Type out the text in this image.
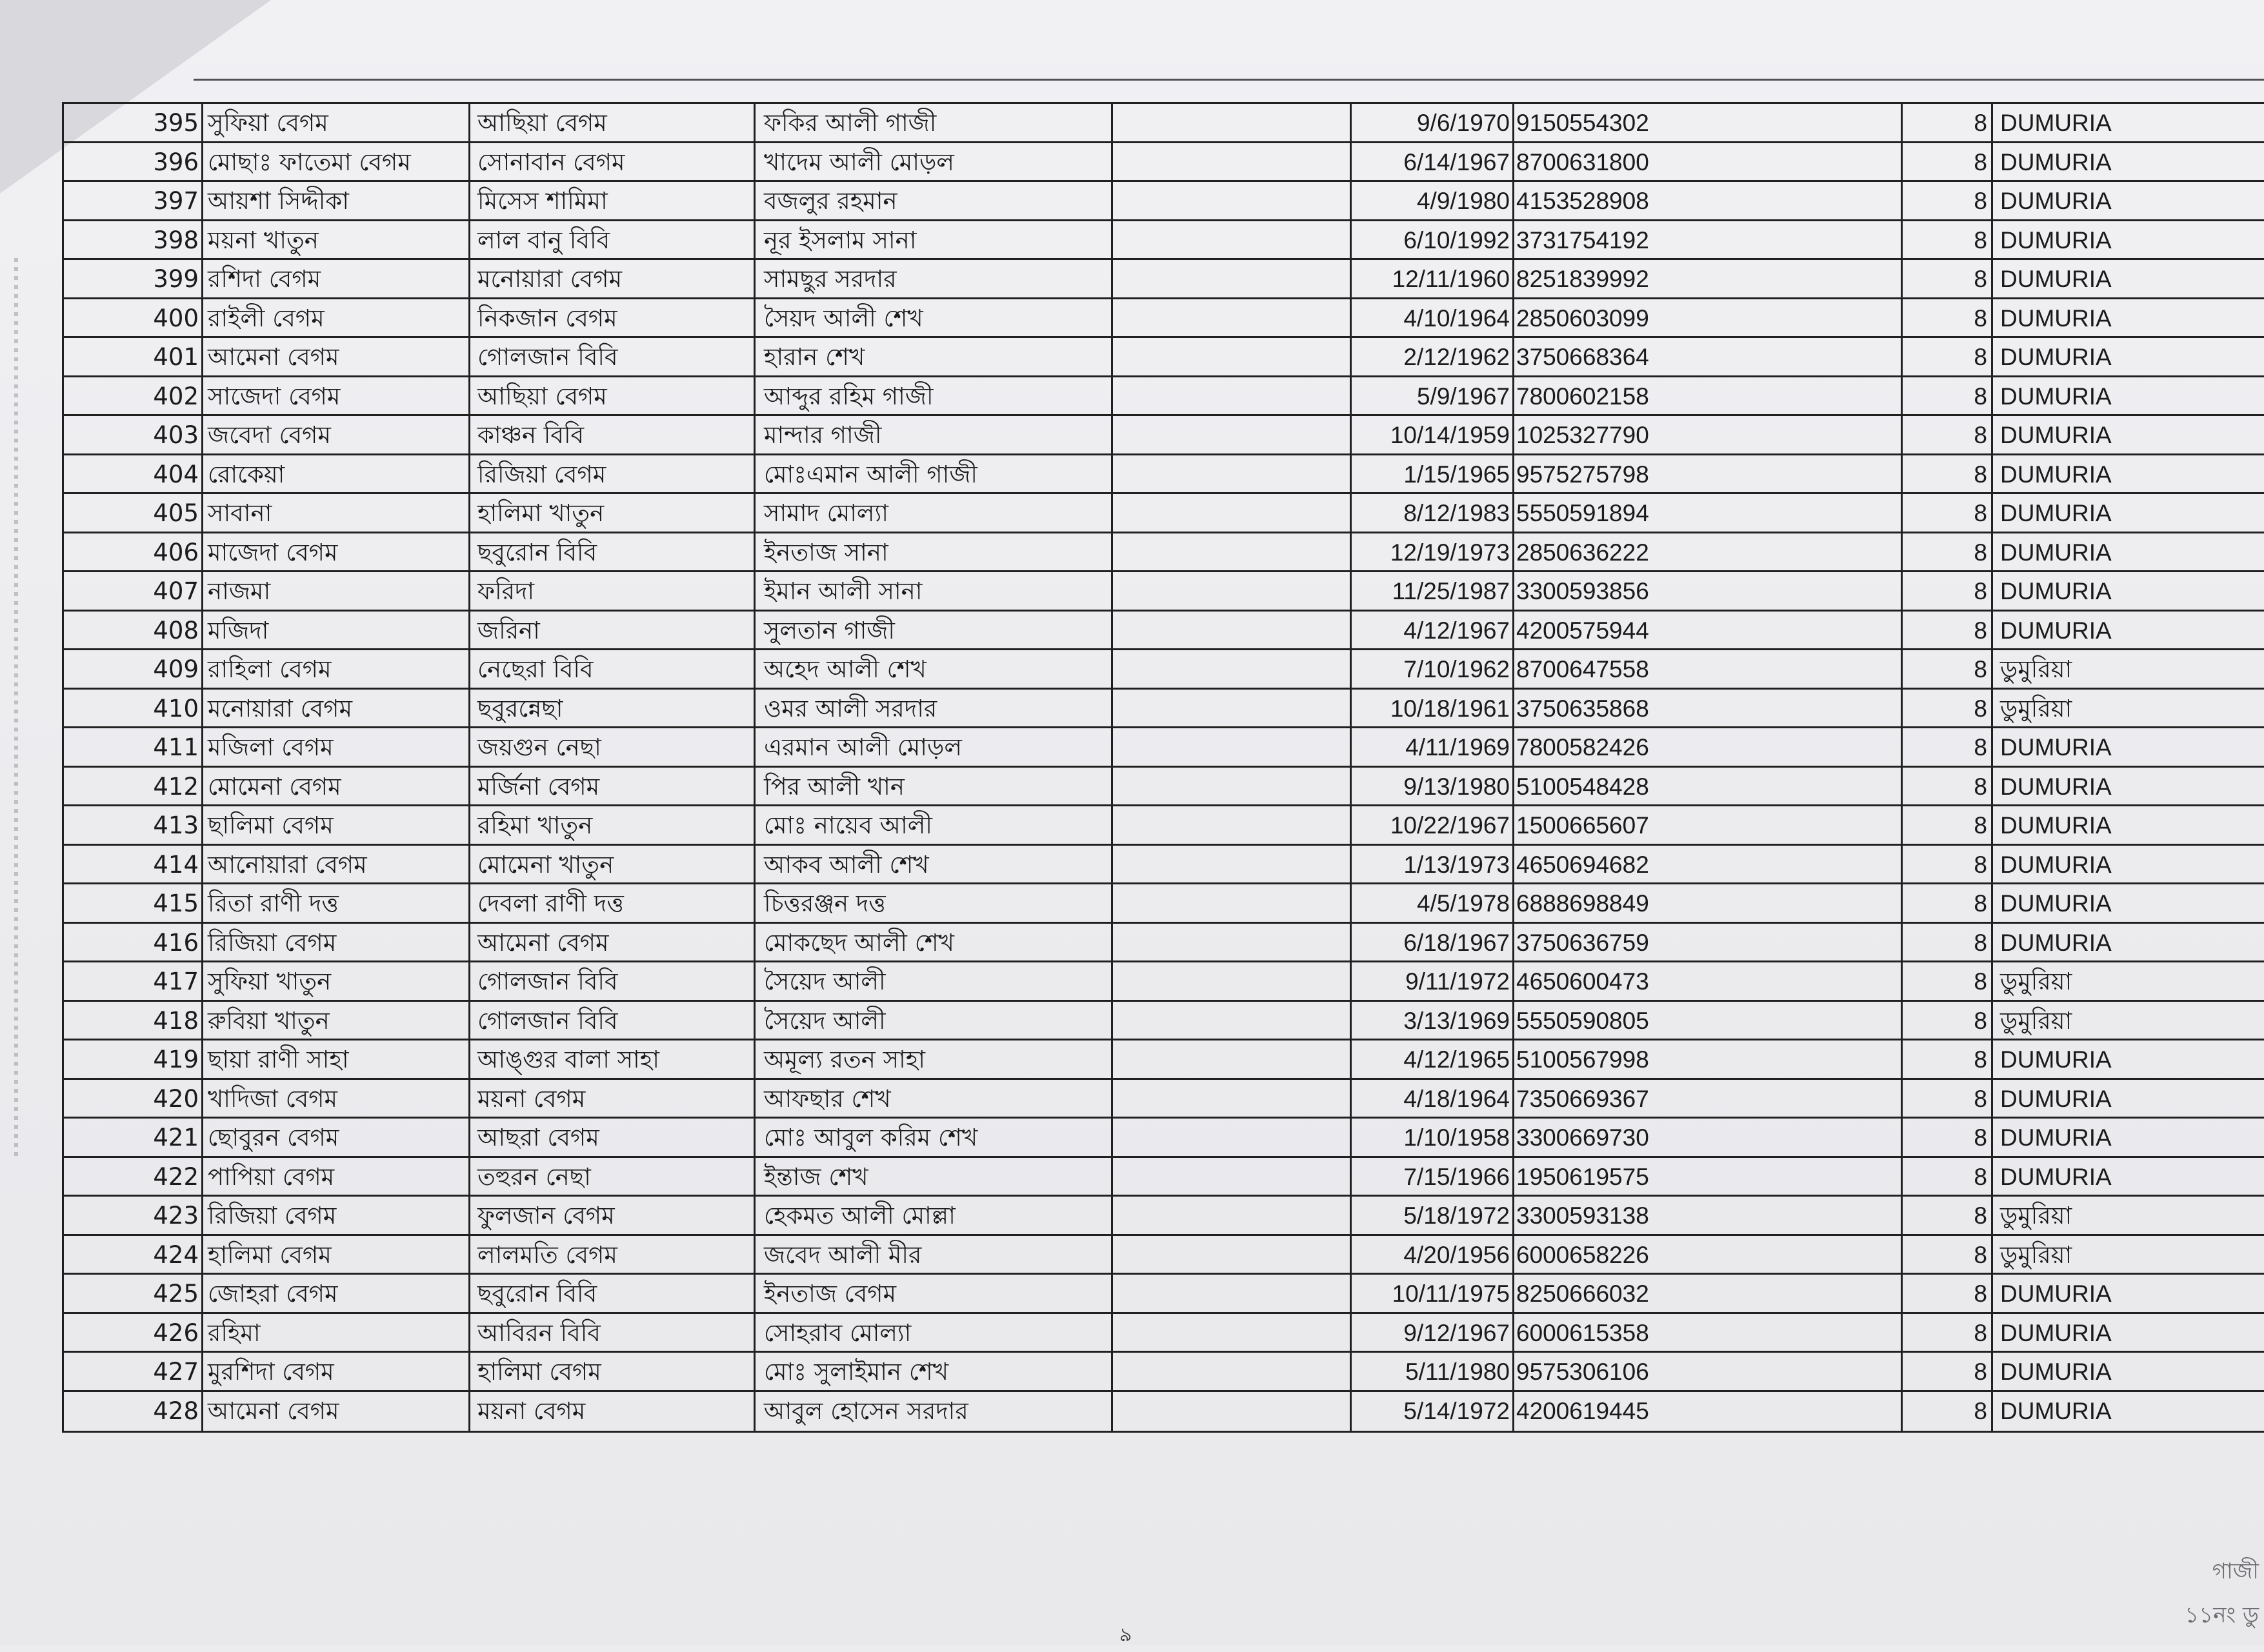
395 সুফিয়া বেগম	আছিয়া বেগম	ফকির আলী গাজী	9/6/1970 9150554302	8 DUMURIA
396 মোছাঃ ফাতেমা বেগম	সোনাবান বেগম	খাদেম আলী মোড়ল	6/14/1967 8700631800	8 DUMURIA
397 আয়শা সিদ্দীকা	মিসেস শামিমা	বজলুর রহমান	4/9/1980 4153528908	8 DUMURIA
398 ময়না খাতুন	লাল বানু বিবি	নূর ইসলাম সানা	6/10/1992 3731754192	8 DUMURIA
399 রশিদা বেগম	মনোয়ারা বেগম	সামছুর সরদার	12/11/1960 8251839992	8 DUMURIA
400 রাইলী বেগম	নিকজান বেগম	সৈয়দ আলী শেখ	4/10/1964 2850603099	8 DUMURIA
401 আমেনা বেগম	গোলজান বিবি	হারান শেখ	2/12/1962 3750668364	8 DUMURIA
402 সাজেদা বেগম	আছিয়া বেগম	আব্দুর রহিম গাজী	5/9/1967 7800602158	8 DUMURIA
403 জবেদা বেগম	কাঞ্চন বিবি	মান্দার গাজী	10/14/1959 1025327790	8 DUMURIA
404 রোকেয়া	রিজিয়া বেগম	মোঃএমান আলী গাজী	1/15/1965 9575275798	8 DUMURIA
405 সাবানা	হালিমা খাতুন	সামাদ মোল্যা	8/12/1983 5550591894	8 DUMURIA
406 মাজেদা বেগম	ছবুরোন বিবি	ইনতাজ সানা	12/19/1973 2850636222	8 DUMURIA
407 নাজমা	ফরিদা	ইমান আলী সানা	11/25/1987 3300593856	8 DUMURIA
408 মজিদা	জরিনা	সুলতান গাজী	4/12/1967 4200575944	8 DUMURIA
409 রাহিলা বেগম	নেছেরা বিবি	অহেদ আলী শেখ	7/10/1962 8700647558	8 ডুমুরিয়া
410 মনোয়ারা বেগম	ছবুরন্নেছা	ওমর আলী সরদার	10/18/1961 3750635868	8 ডুমুরিয়া
411 মজিলা বেগম	জয়গুন নেছা	এরমান আলী মোড়ল	4/11/1969 7800582426	8 DUMURIA
412 মোমেনা বেগম	মর্জিনা বেগম	পির আলী খান	9/13/1980 5100548428	8 DUMURIA
413 ছালিমা বেগম	রহিমা খাতুন	মোঃ নায়েব আলী	10/22/1967 1500665607	8 DUMURIA
414 আনোয়ারা বেগম	মোমেনা খাতুন	আকব আলী শেখ	1/13/1973 4650694682	8 DUMURIA
415 রিতা রাণী দত্ত	দেবলা রাণী দত্ত	চিত্তরঞ্জন দত্ত	4/5/1978 6888698849	8 DUMURIA
416 রিজিয়া বেগম	আমেনা বেগম	মোকছেদ আলী শেখ	6/18/1967 3750636759	8 DUMURIA
417 সুফিয়া খাতুন	গোলজান বিবি	সৈয়েদ আলী	9/11/1972 4650600473	8 ডুমুরিয়া
418 রুবিয়া খাতুন	গোলজান বিবি	সৈয়েদ আলী	3/13/1969 5550590805	8 ডুমুরিয়া
419 ছায়া রাণী সাহা	আঙ্গুর বালা সাহা	অমূল্য রতন সাহা	4/12/1965 5100567998	8 DUMURIA
420 খাদিজা বেগম	ময়না বেগম	আফছার শেখ	4/18/1964 7350669367	8 DUMURIA
421 ছোবুরন বেগম	আছরা বেগম	মোঃ আবুল করিম শেখ	1/10/1958 3300669730	8 DUMURIA
422 পাপিয়া বেগম	তহুরন নেছা	ইন্তাজ শেখ	7/15/1966 1950619575	8 DUMURIA
423 রিজিয়া বেগম	ফুলজান বেগম	হেকমত আলী মোল্লা	5/18/1972 3300593138	8 ডুমুরিয়া
424 হালিমা বেগম	লালমতি বেগম	জবেদ আলী মীর	4/20/1956 6000658226	8 ডুমুরিয়া
425 জোহরা বেগম	ছবুরোন বিবি	ইনতাজ বেগম	10/11/1975 8250666032	8 DUMURIA
426 রহিমা	আবিরন বিবি	সোহরাব মোল্যা	9/12/1967 6000615358	8 DUMURIA
427 মুরশিদা বেগম	হালিমা বেগম	মোঃ সুলাইমান শেখ	5/11/1980 9575306106	8 DUMURIA
428 আমেনা বেগম	ময়না বেগম	আবুল হোসেন সরদার	5/14/1972 4200619445	8 DUMURIA
গাজী
১১নং ডু
৯
